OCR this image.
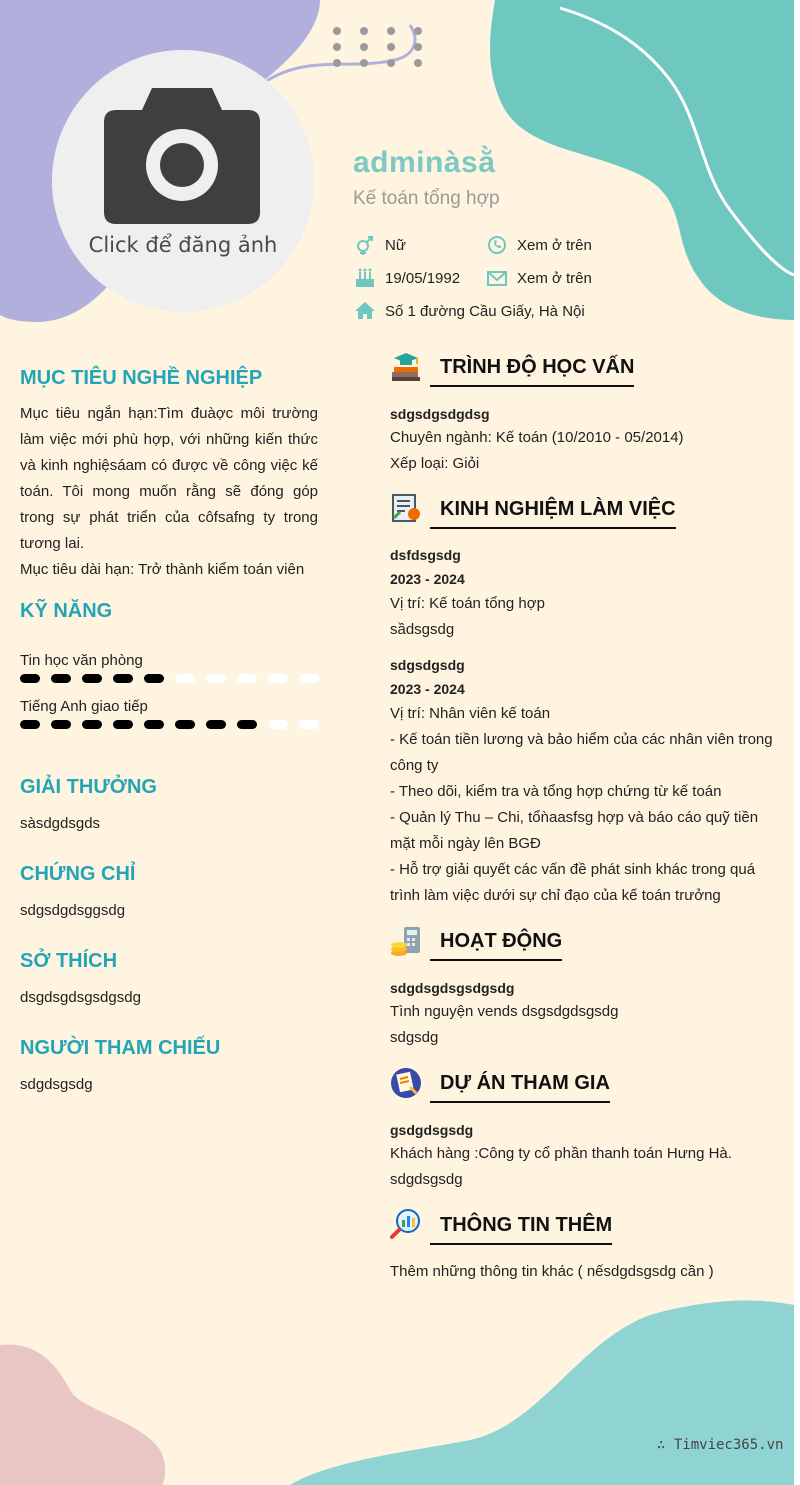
Click để đăng ảnh
adminàsằ
Kế toán tổng hợp
Nữ	Xem ở trên
19/05/1992	Xem ở trên
Số 1 đường Cầu Giấy, Hà Nội
MỤC TIÊU NGHỀ NGHIỆP
Mục tiêu ngắn hạn:Tìm đuàợc môi trường làm việc mới phù hợp, với những kiến thức và kinh nghiệsáam có được về công việc kế toán. Tôi mong muốn rằng sẽ đóng góp trong sự phát triển của côfsafng ty trong tương lai.
Mục tiêu dài hạn: Trở thành kiểm toán viên
KỸ NĂNG
Tin học văn phòng
Tiếng Anh giao tiếp
GIẢI THƯỞNG
sàsdgdsgds
CHỨNG CHỈ
sdgsdgdsggsdg
SỞ THÍCH
dsgdsgdsgsdgsdg
NGƯỜI THAM CHIẾU
sdgdsgsdg
TRÌNH ĐỘ HỌC VẤN
sdgsdgsdgdsg
Chuyên ngành: Kế toán (10/2010 - 05/2014)
Xếp loại: Giỏi
KINH NGHIỆM LÀM VIỆC
dsfdsgsdg
2023 - 2024
Vị trí: Kế toán tổng hợp
sầdsgsdg
sdgsdgsdg
2023 - 2024
Vị trí: Nhân viên kế toán
- Kế toán tiền lương và bảo hiểm của các nhân viên trong công ty
- Theo dõi, kiểm tra và tổng hợp chứng từ kế toán
- Quản lý Thu – Chi, tổǹaasfsg hợp và báo cáo quỹ tiền mặt mỗi ngày lên BGĐ
- Hỗ trợ giải quyết các vấn đề phát sinh khác trong quá trình làm việc dưới sự chỉ đạo của kế toán trưởng
HOẠT ĐỘNG
sdgdsgdsgsdgsdg
Tình nguyện vends dsgsdgdsgsdg
sdgsdg
DỰ ÁN THAM GIA
gsdgdsgsdg
Khách hàng :Công ty cổ phần thanh toán Hưng Hà.
sdgdsgsdg
THÔNG TIN THÊM
Thêm những thông tin khác ( nếsdgdsgsdg cần )
∴ Timviec365.vn
